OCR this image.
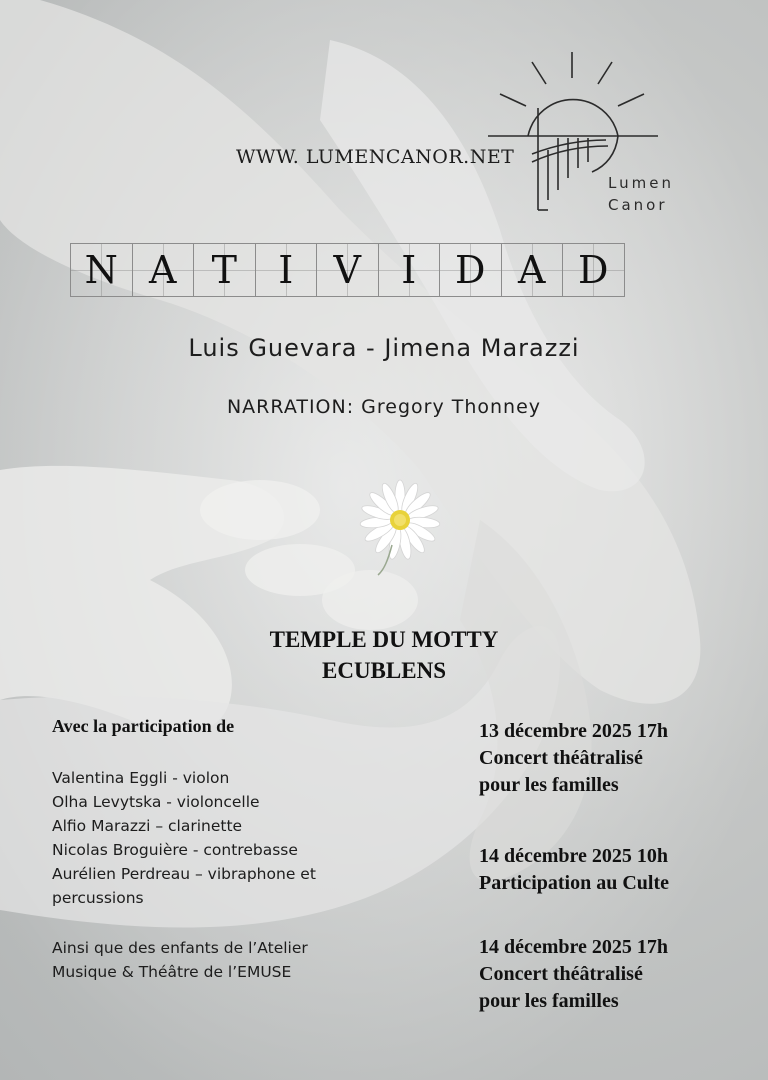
Lumen
Canor
WWW. LUMENCANOR.NET
N A T I V I D A D
Luis Guevara - Jimena Marazzi
NARRATION: Gregory Thonney
TEMPLE DU MOTTY
ECUBLENS
Avec la participation de
Valentina Eggli - violon
Olha Levytska - violoncelle
Alfio Marazzi – clarinette
Nicolas Broguière - contrebasse
Aurélien Perdreau – vibraphone et
percussions
Ainsi que des enfants de l’Atelier
Musique & Théâtre de l’EMUSE
13 décembre 2025 17h
Concert théâtralisé
pour les familles
14 décembre 2025 10h
Participation au Culte
14 décembre 2025 17h
Concert théâtralisé
pour les familles
